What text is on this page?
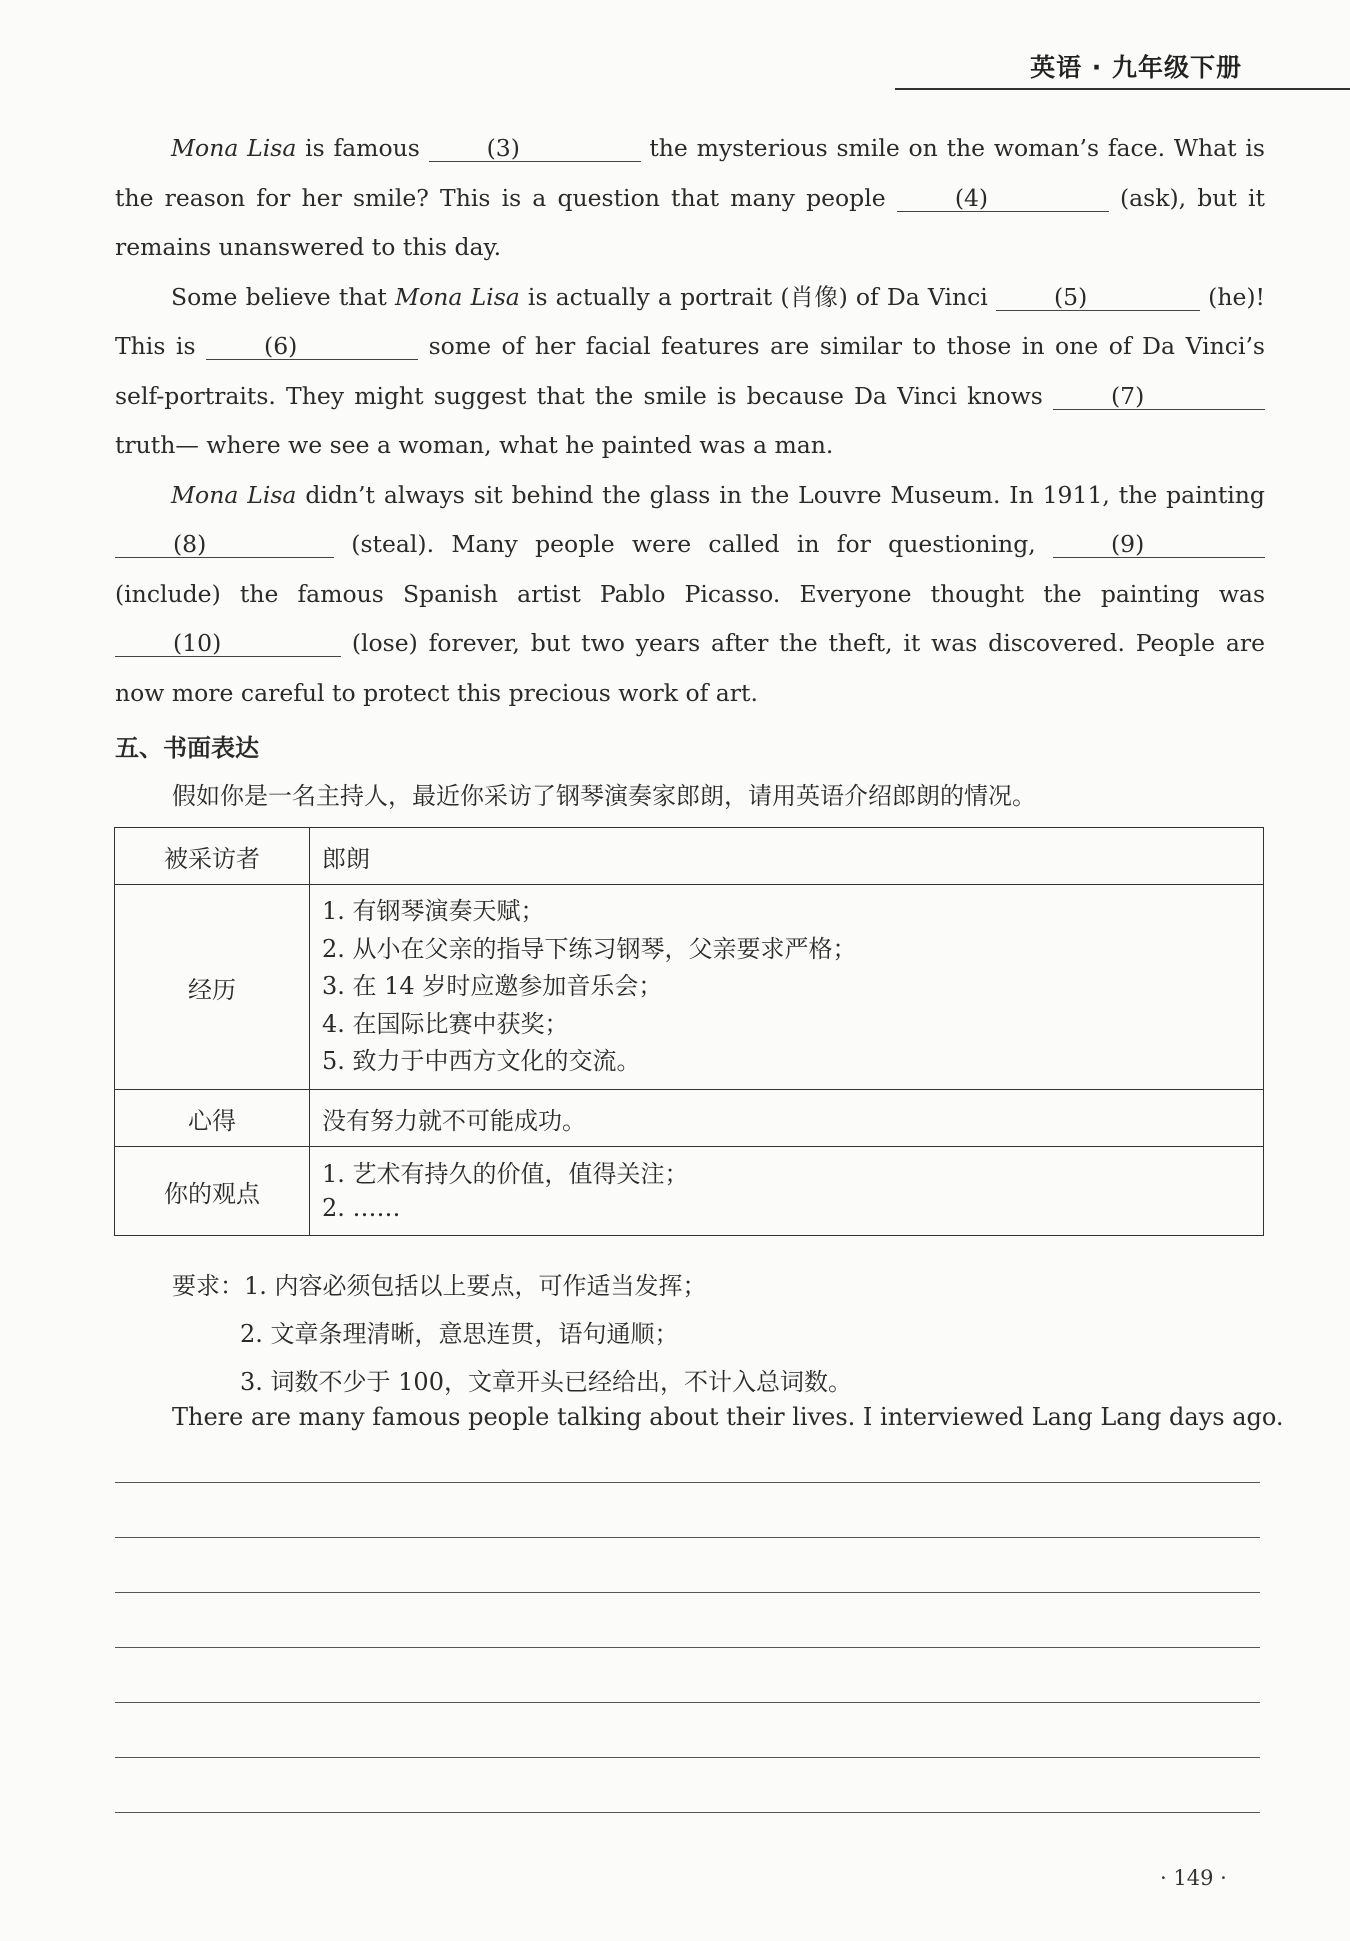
英语 · 九年级下册

Mona Lisa is famous (3)	the mysterious smile on the woman’s face. What is the reason for her smile? This is a question that many people (4)	(ask), but it remains unanswered to this day.

Some believe that Mona Lisa is actually a portrait (肖像) of Da Vinci (5)	(he)! This is (6)	some of her facial features are similar to those in one of Da Vinci’s self-portraits. They might suggest that the smile is because Da Vinci knows (7) truth— where we see a woman, what he painted was a man.

Mona Lisa didn’t always sit behind the glass in the Louvre Museum. In 1911, the painting (8)	(steal). Many people were called in for questioning, (9) (include) the famous Spanish artist Pablo Picasso. Everyone thought the painting was (10)	(lose) forever, but two years after the theft, it was discovered. People are now more careful to protect this precious work of art.

五、书面表达
假如你是一名主持人，最近你采访了钢琴演奏家郎朗，请用英语介绍郎朗的情况。
被采访者	郎朗
经历	1. 有钢琴演奏天赋；
2. 从小在父亲的指导下练习钢琴，父亲要求严格；
3. 在 14 岁时应邀参加音乐会；
4. 在国际比赛中获奖；
5. 致力于中西方文化的交流。

心得	没有努力就不可能成功。
你的观点	1. 艺术有持久的价值，值得关注；
2. ……
要求：1. 内容必须包括以上要点，可作适当发挥；
2. 文章条理清晰，意思连贯，语句通顺；
3. 词数不少于 100，文章开头已经给出，不计入总词数。
There are many famous people talking about their lives. I interviewed Lang Lang days ago.
· 149 ·
